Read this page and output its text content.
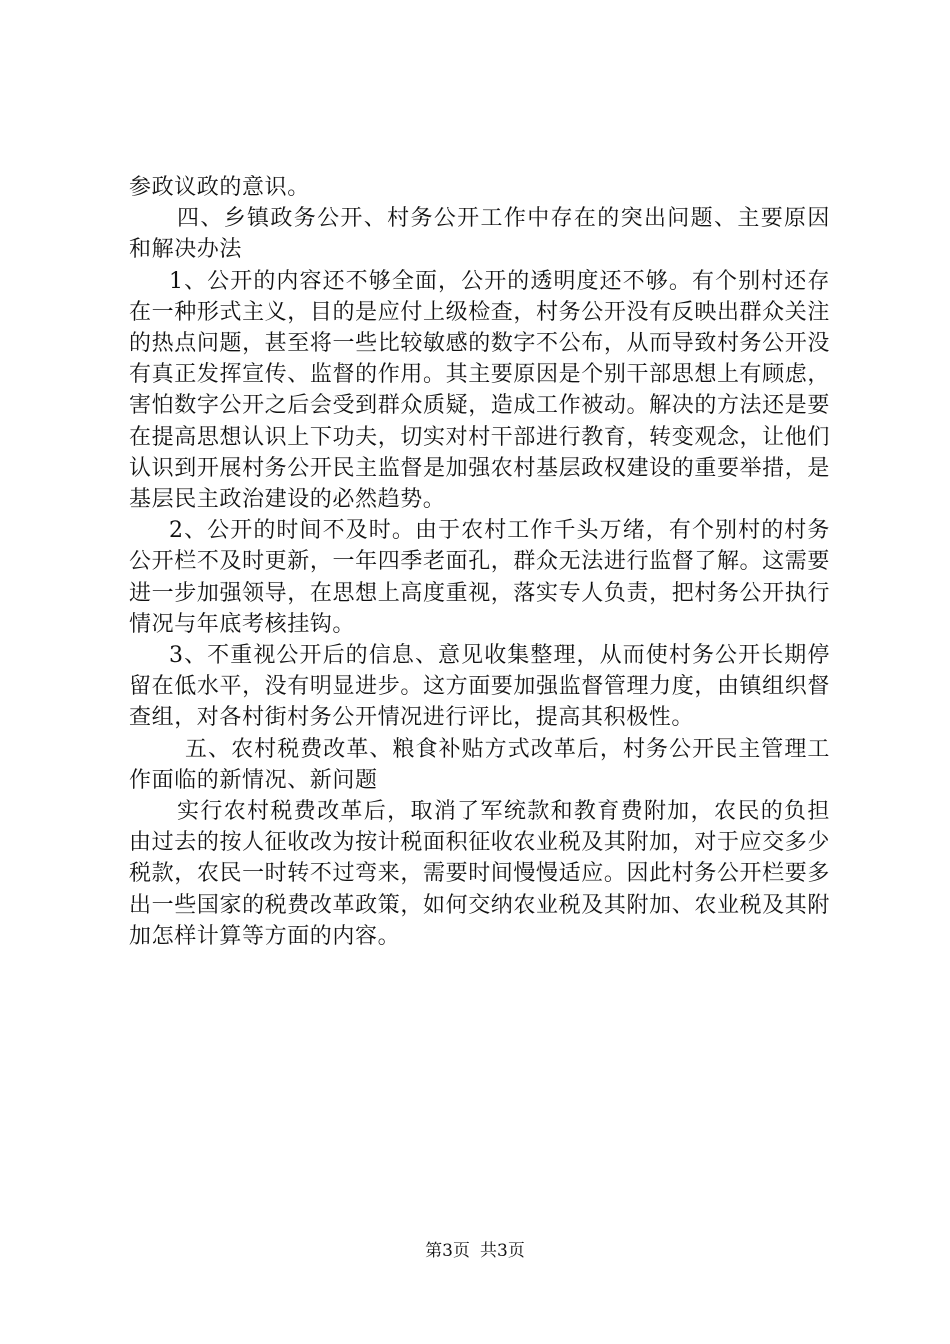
参政议政的意识。

四、乡镇政务公开、村务公开工作中存在的突出问题、主要原因和解决办法

1、公开的内容还不够全面，公开的透明度还不够。有个别村还存在一种形式主义，目的是应付上级检查，村务公开没有反映出群众关注的热点问题，甚至将一些比较敏感的数字不公布，从而导致村务公开没有真正发挥宣传、监督的作用。其主要原因是个别干部思想上有顾虑，害怕数字公开之后会受到群众质疑，造成工作被动。解决的方法还是要在提高思想认识上下功夫，切实对村干部进行教育，转变观念，让他们认识到开展村务公开民主监督是加强农村基层政权建设的重要举措，是基层民主政治建设的必然趋势。

2、公开的时间不及时。由于农村工作千头万绪，有个别村的村务公开栏不及时更新，一年四季老面孔，群众无法进行监督了解。这需要进一步加强领导，在思想上高度重视，落实专人负责，把村务公开执行情况与年底考核挂钩。

3、不重视公开后的信息、意见收集整理，从而使村务公开长期停留在低水平，没有明显进步。这方面要加强监督管理力度，由镇组织督查组，对各村街村务公开情况进行评比，提高其积极性。

五、农村税费改革、粮食补贴方式改革后，村务公开民主管理工作面临的新情况、新问题

实行农村税费改革后，取消了军统款和教育费附加，农民的负担由过去的按人征收改为按计税面积征收农业税及其附加，对于应交多少税款，农民一时转不过弯来，需要时间慢慢适应。因此村务公开栏要多出一些国家的税费改革政策，如何交纳农业税及其附加、农业税及其附加怎样计算等方面的内容。

第3页 共3页
